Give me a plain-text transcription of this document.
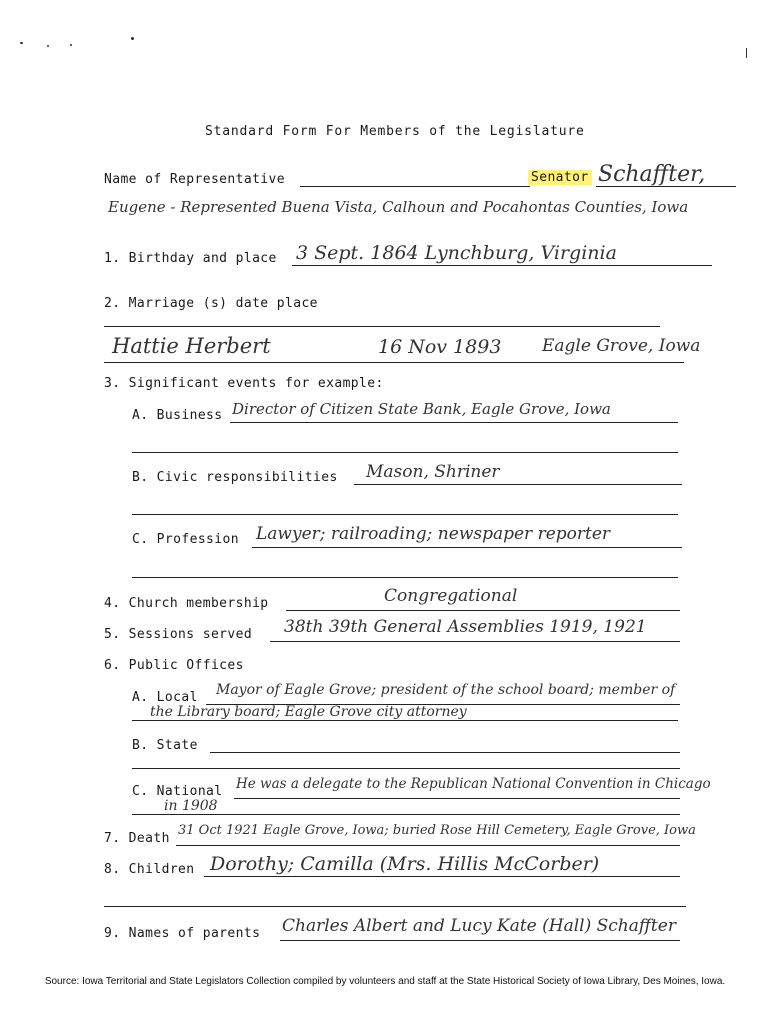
Standard Form For Members of the Legislature
Name of Representative	Senator Schaffter,
Eugene - Represented Buena Vista, Calhoun and Pocahontas Counties, Iowa
1. Birthday and place 3 Sept. 1864 Lynchburg, Virginia
2. Marriage (s) date place
Hattie Herbert	16 Nov 1893 Eagle Grove, Iowa
3. Significant events for example:
A. Business Director of Citizen State Bank, Eagle Grove, Iowa
B. Civic responsibilities Mason, Shriner
C. Profession Lawyer; railroading; newspaper reporter
4. Church membership	Congregational
5. Sessions served 38th 39th General Assemblies 1919, 1921
6. Public Offices
A. Local Mayor of Eagle Grove; president of the school board; member of
the Library board; Eagle Grove city attorney
B. State
C. National He was a delegate to the Republican National Convention in Chicago
in 1908
7. Death
31 Oct 1921 Eagle Grove, Iowa; buried Rose Hill Cemetery, Eagle Grove, Iowa
8. Children Dorothy; Camilla (Mrs. Hillis McCorber)
9. Names of parents Charles Albert and Lucy Kate (Hall) Schaffter
Source: Iowa Territorial and State Legislators Collection compiled by volunteers and staff at the State Historical Society of Iowa Library, Des Moines, Iowa.
